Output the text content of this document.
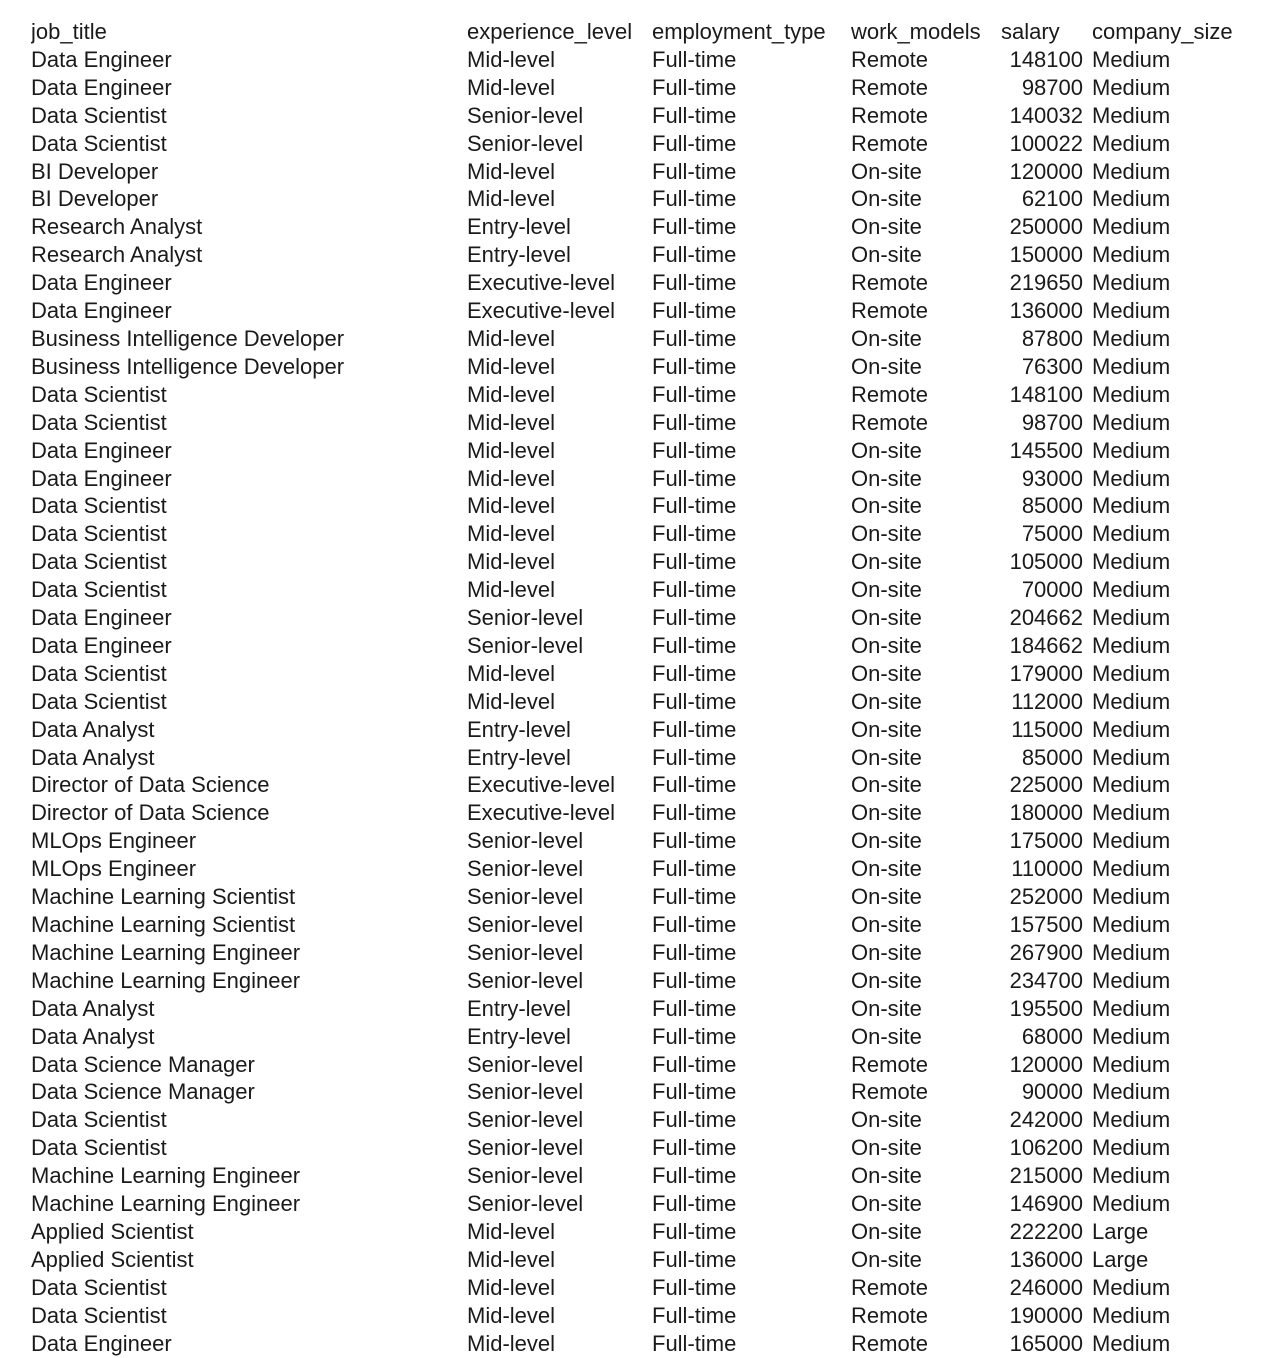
job_title	experience_level	employment_type	work_models	salary	company_size
Data Engineer	Mid-level	Full-time	Remote	148100	Medium
Data Engineer	Mid-level	Full-time	Remote	98700	Medium
Data Scientist	Senior-level	Full-time	Remote	140032	Medium
Data Scientist	Senior-level	Full-time	Remote	100022	Medium
BI Developer	Mid-level	Full-time	On-site	120000	Medium
BI Developer	Mid-level	Full-time	On-site	62100	Medium
Research Analyst	Entry-level	Full-time	On-site	250000	Medium
Research Analyst	Entry-level	Full-time	On-site	150000	Medium
Data Engineer	Executive-level	Full-time	Remote	219650	Medium
Data Engineer	Executive-level	Full-time	Remote	136000	Medium
Business Intelligence Developer	Mid-level	Full-time	On-site	87800	Medium
Business Intelligence Developer	Mid-level	Full-time	On-site	76300	Medium
Data Scientist	Mid-level	Full-time	Remote	148100	Medium
Data Scientist	Mid-level	Full-time	Remote	98700	Medium
Data Engineer	Mid-level	Full-time	On-site	145500	Medium
Data Engineer	Mid-level	Full-time	On-site	93000	Medium
Data Scientist	Mid-level	Full-time	On-site	85000	Medium
Data Scientist	Mid-level	Full-time	On-site	75000	Medium
Data Scientist	Mid-level	Full-time	On-site	105000	Medium
Data Scientist	Mid-level	Full-time	On-site	70000	Medium
Data Engineer	Senior-level	Full-time	On-site	204662	Medium
Data Engineer	Senior-level	Full-time	On-site	184662	Medium
Data Scientist	Mid-level	Full-time	On-site	179000	Medium
Data Scientist	Mid-level	Full-time	On-site	112000	Medium
Data Analyst	Entry-level	Full-time	On-site	115000	Medium
Data Analyst	Entry-level	Full-time	On-site	85000	Medium
Director of Data Science	Executive-level	Full-time	On-site	225000	Medium
Director of Data Science	Executive-level	Full-time	On-site	180000	Medium
MLOps Engineer	Senior-level	Full-time	On-site	175000	Medium
MLOps Engineer	Senior-level	Full-time	On-site	110000	Medium
Machine Learning Scientist	Senior-level	Full-time	On-site	252000	Medium
Machine Learning Scientist	Senior-level	Full-time	On-site	157500	Medium
Machine Learning Engineer	Senior-level	Full-time	On-site	267900	Medium
Machine Learning Engineer	Senior-level	Full-time	On-site	234700	Medium
Data Analyst	Entry-level	Full-time	On-site	195500	Medium
Data Analyst	Entry-level	Full-time	On-site	68000	Medium
Data Science Manager	Senior-level	Full-time	Remote	120000	Medium
Data Science Manager	Senior-level	Full-time	Remote	90000	Medium
Data Scientist	Senior-level	Full-time	On-site	242000	Medium
Data Scientist	Senior-level	Full-time	On-site	106200	Medium
Machine Learning Engineer	Senior-level	Full-time	On-site	215000	Medium
Machine Learning Engineer	Senior-level	Full-time	On-site	146900	Medium
Applied Scientist	Mid-level	Full-time	On-site	222200	Large
Applied Scientist	Mid-level	Full-time	On-site	136000	Large
Data Scientist	Mid-level	Full-time	Remote	246000	Medium
Data Scientist	Mid-level	Full-time	Remote	190000	Medium
Data Engineer	Mid-level	Full-time	Remote	165000	Medium
